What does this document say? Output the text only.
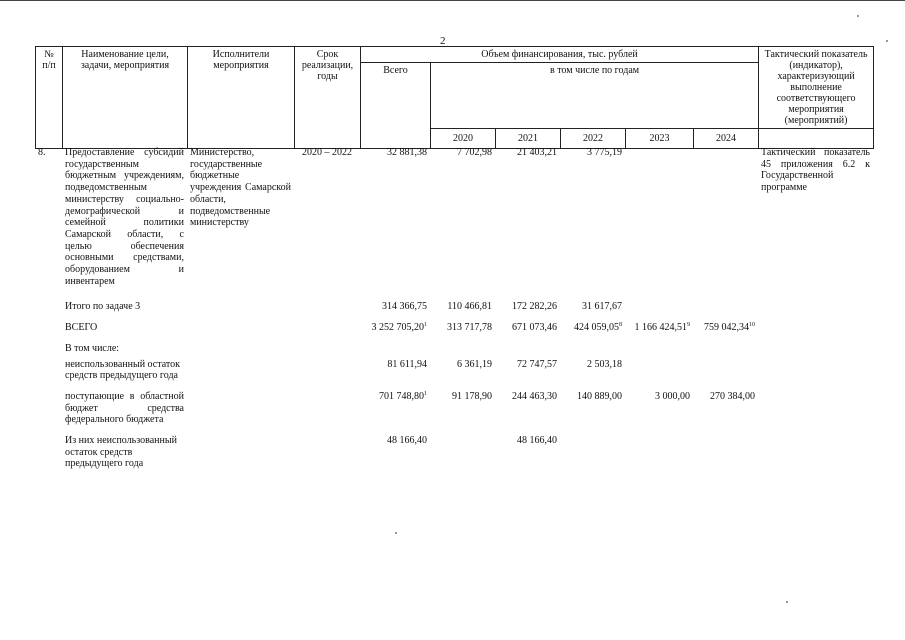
2
№ п/п	Наименование цели, задачи, мероприятия	Исполнители мероприятия	Срок реализации, годы	Объем финансирования, тыс. рублей						Тактический показатель (индикатор), характеризующий выполнение соответствующего мероприятия (мероприятий)
				Всего	в том числе по годам					
					2020	2021	2022	2023	2024	
8.	Предоставление субсидий государственным бюджетным учреждениям, подведомственным министерству социально-демографической и семейной политики Самарской области, с целью обеспечения основными средствами, оборудованием и инвентарем	Министерство, государственные бюджетные учреждения Самарской области, подведомственные министерству	2020 – 2022	32 881,38	7 702,98	21 403,21	3 775,19			Тактический показатель 45 приложения 6.2 к Государственной программе
	Итого по задаче 3			314 366,75	110 466,81	172 282,26	31 617,67			
	ВСЕГО			3 252 705,20$^1$	313 717,78	671 073,46	424 059,05$^8$	1 166 424,51$^9$	759 042,34$^{10}$	
	В том числе:									
	неиспользованный остаток средств предыдущего года			81 611,94	6 361,19	72 747,57	2 503,18			
	поступающие в областной бюджет средства федерального бюджета			701 748,80$^1$	91 178,90	244 463,30	140 889,00	3 000,00	270 384,00	
	Из них неиспользованный остаток средств предыдущего года			48 166,40		48 166,40				
